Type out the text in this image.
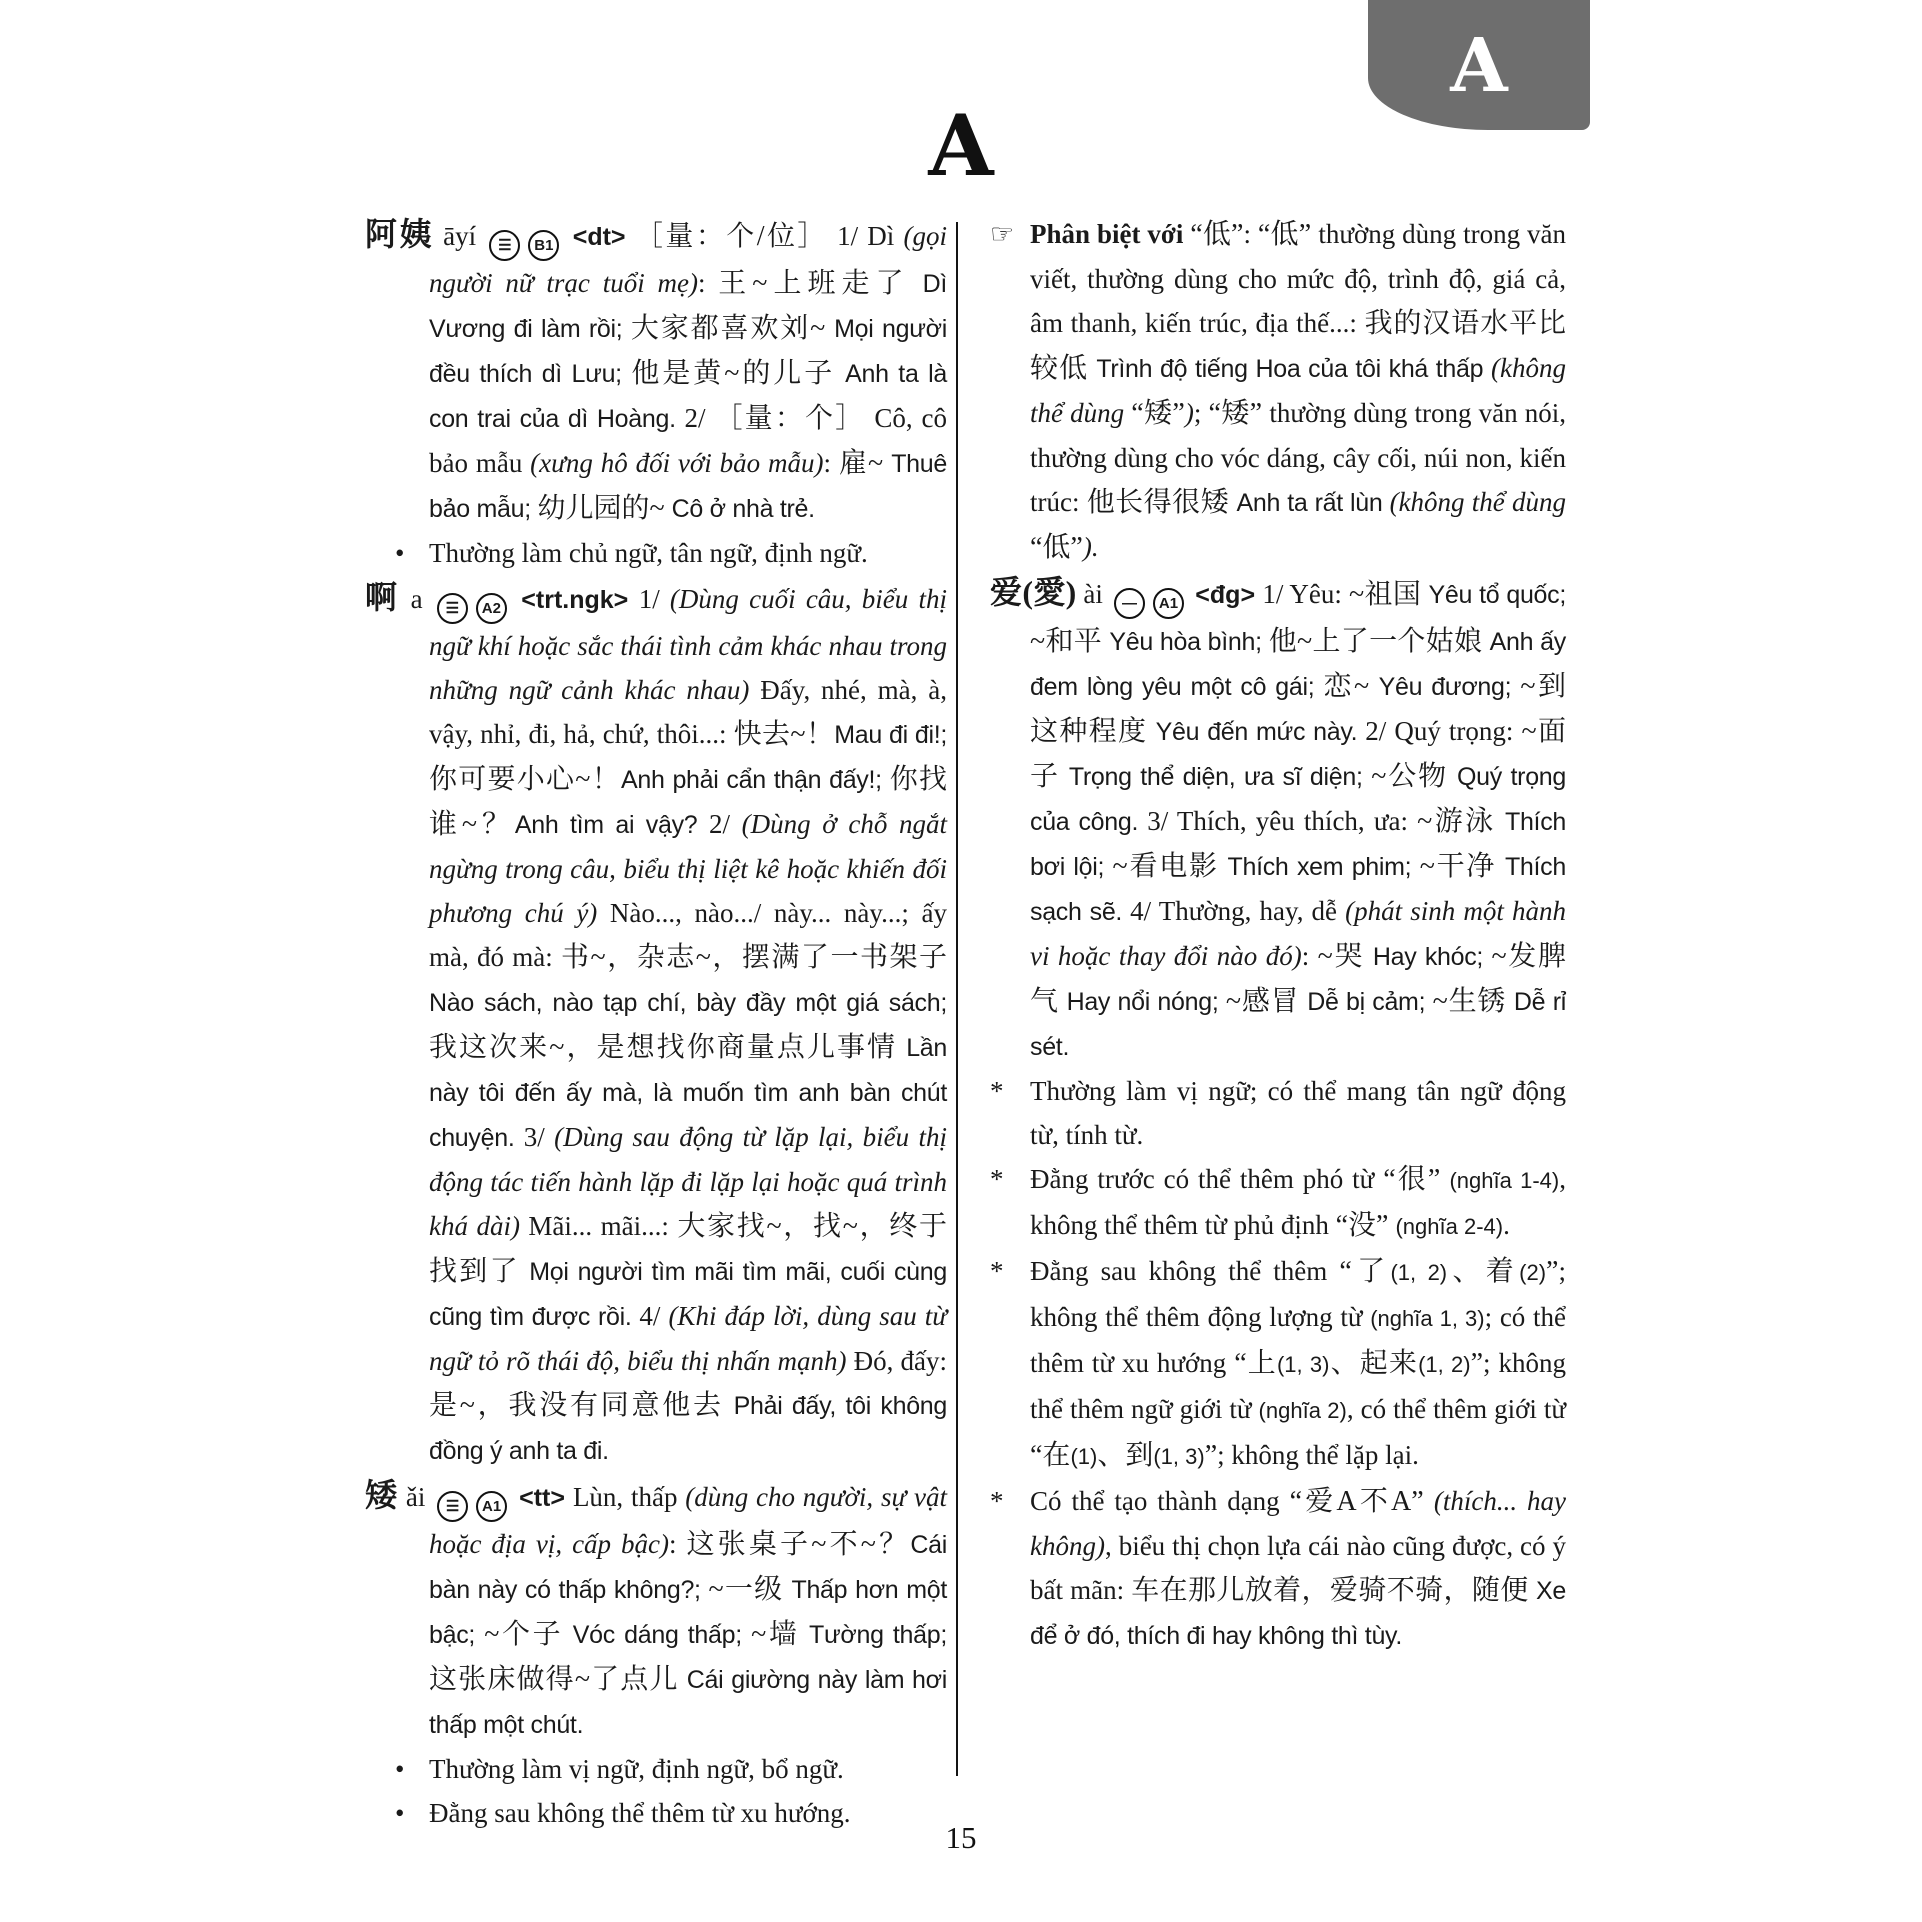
A
A

阿姨 āyí ☰ B1 <dt> ［量：个/位］ 1/ Dì (gọi người nữ trạc tuổi mẹ): 王~上班走了 Dì Vương đi làm rồi; 大家都喜欢刘~ Mọi người đều thích dì Lưu; 他是黄~的儿子 Anh ta là con trai của dì Hoàng. 2/ ［量：个］ Cô, cô bảo mẫu (xưng hô đối với bảo mẫu): 雇~ Thuê bảo mẫu; 幼儿园的~ Cô ở nhà trẻ.

• Thường làm chủ ngữ, tân ngữ, định ngữ.

啊 a ☰ A2 <trt.ngk> 1/ (Dùng cuối câu, biểu thị ngữ khí hoặc sắc thái tình cảm khác nhau trong những ngữ cảnh khác nhau) Đấy, nhé, mà, à, vậy, nhỉ, đi, hả, chứ, thôi...: 快去~！Mau đi đi!; 你可要小心~！Anh phải cẩn thận đấy!; 你找谁~？Anh tìm ai vậy? 2/ (Dùng ở chỗ ngắt ngừng trong câu, biểu thị liệt kê hoặc khiến đối phương chú ý) Nào..., nào.../ này... này...; ấy mà, đó mà: 书~，杂志~，摆满了一书架子 Nào sách, nào tạp chí, bày đầy một giá sách; 我这次来~，是想找你商量点儿事情 Lần này tôi đến ấy mà, là muốn tìm anh bàn chút chuyện. 3/ (Dùng sau động từ lặp lại, biểu thị động tác tiến hành lặp đi lặp lại hoặc quá trình khá dài) Mãi... mãi...: 大家找~，找~，终于找到了 Mọi người tìm mãi tìm mãi, cuối cùng cũng tìm được rồi. 4/ (Khi đáp lời, dùng sau từ ngữ tỏ rõ thái độ, biểu thị nhấn mạnh) Đó, đấy: 是~，我没有同意他去 Phải đấy, tôi không đồng ý anh ta đi.

矮 ǎi ☰ A1 <tt> Lùn, thấp (dùng cho người, sự vật hoặc địa vị, cấp bậc): 这张桌子~不~？Cái bàn này có thấp không?; ~一级 Thấp hơn một bậc; ~个子 Vóc dáng thấp; ~墙 Tường thấp; 这张床做得~了点儿 Cái giường này làm hơi thấp một chút.

• Thường làm vị ngữ, định ngữ, bổ ngữ.

• Đằng sau không thể thêm từ xu hướng.

☞ Phân biệt với “低”: “低” thường dùng trong văn viết, thường dùng cho mức độ, trình độ, giá cả, âm thanh, kiến trúc, địa thế...: 我的汉语水平比较低 Trình độ tiếng Hoa của tôi khá thấp (không thể dùng “矮”); “矮” thường dùng trong văn nói, thường dùng cho vóc dáng, cây cối, núi non, kiến trúc: 他长得很矮 Anh ta rất lùn (không thể dùng “低”).

爱(愛) ài — A1 <đg> 1/ Yêu: ~祖国 Yêu tổ quốc; ~和平 Yêu hòa bình; 他~上了一个姑娘 Anh ấy đem lòng yêu một cô gái; 恋~ Yêu đương; ~到这种程度 Yêu đến mức này. 2/ Quý trọng: ~面子 Trọng thể diện, ưa sĩ diện; ~公物 Quý trọng của công. 3/ Thích, yêu thích, ưa: ~游泳 Thích bơi lội; ~看电影 Thích xem phim; ~干净 Thích sạch sẽ. 4/ Thường, hay, dễ (phát sinh một hành vi hoặc thay đổi nào đó): ~哭 Hay khóc; ~发脾气 Hay nổi nóng; ~感冒 Dễ bị cảm; ~生锈 Dễ rỉ sét.

* Thường làm vị ngữ; có thể mang tân ngữ động từ, tính từ.

* Đằng trước có thể thêm phó từ “很” (nghĩa 1-4), không thể thêm từ phủ định “没” (nghĩa 2-4).

* Đằng sau không thể thêm “了(1, 2)、着(2)”; không thể thêm động lượng từ (nghĩa 1, 3); có thể thêm từ xu hướng “上(1, 3)、起来(1, 2)”; không thể thêm ngữ giới từ (nghĩa 2), có thể thêm giới từ “在(1)、到(1, 3)”; không thể lặp lại.

* Có thể tạo thành dạng “爱A不A” (thích... hay không), biểu thị chọn lựa cái nào cũng được, có ý bất mãn: 车在那儿放着，爱骑不骑，随便 Xe để ở đó, thích đi hay không thì tùy.

15
